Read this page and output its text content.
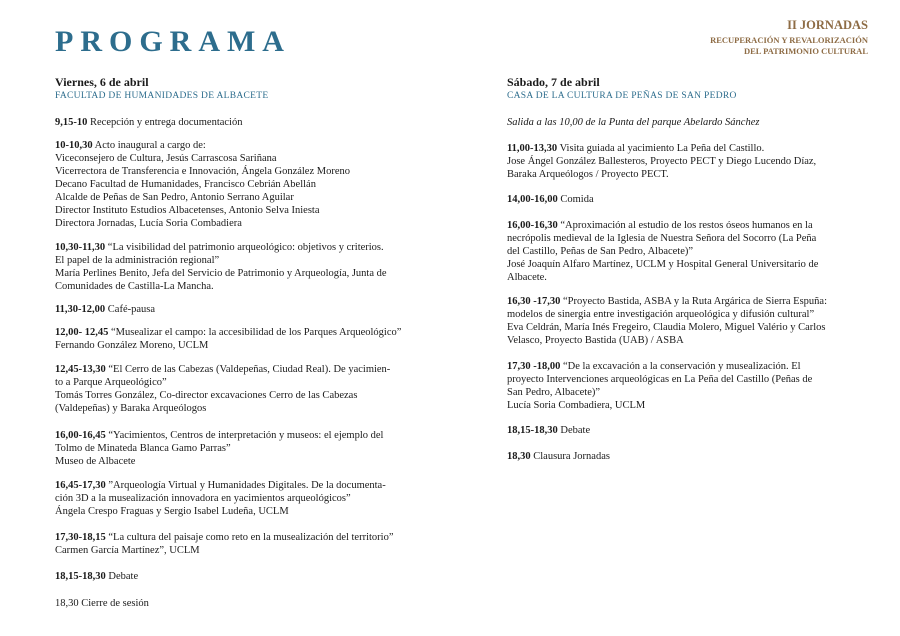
PROGRAMA	II JORNADAS
RECUPERACIÓN Y REVALORIZACIÓN
DEL PATRIMONIO CULTURAL
Viernes, 6 de abril
FACULTAD DE HUMANIDADES DE ALBACETE
9,15-10 Recepción y entrega documentación
10-10,30 Acto inaugural a cargo de:
Viceconsejero de Cultura, Jesús Carrascosa Sariñana
Vicerrectora de Transferencia e Innovación, Ángela González Moreno
Decano Facultad de Humanidades, Francisco Cebrián Abellán
Alcalde de Peñas de San Pedro, Antonio Serrano Aguilar
Director Instituto Estudios Albacetenses, Antonio Selva Iniesta
Directora Jornadas, Lucía Soria Combadiera
10,30-11,30 “La visibilidad del patrimonio arqueológico: objetivos y criterios.
El papel de la administración regional”
María Perlines Benito, Jefa del Servicio de Patrimonio y Arqueología, Junta de
Comunidades de Castilla-La Mancha.
11,30-12,00 Café-pausa
12,00- 12,45 “Musealizar el campo: la accesibilidad de los Parques Arqueológico”
Fernando González Moreno, UCLM
12,45-13,30 “El Cerro de las Cabezas (Valdepeñas, Ciudad Real). De yacimien-
to a Parque Arqueológico”
Tomás Torres González, Co-director excavaciones Cerro de las Cabezas
(Valdepeñas) y Baraka Arqueólogos
16,00-16,45 “Yacimientos, Centros de interpretación y museos: el ejemplo del
Tolmo de Minateda Blanca Gamo Parras”
Museo de Albacete
16,45-17,30 ”Arqueología Virtual y Humanidades Digitales. De la documenta-
ción 3D a la musealización innovadora en yacimientos arqueológicos”
Ángela Crespo Fraguas y Sergio Isabel Ludeña, UCLM
17,30-18,15 “La cultura del paisaje como reto en la musealización del territorio”
Carmen García Martínez”, UCLM
18,15-18,30 Debate
18,30 Cierre de sesión
Sábado, 7 de abril
CASA DE LA CULTURA DE PEÑAS DE SAN PEDRO
Salida a las 10,00 de la Punta del parque Abelardo Sánchez
11,00-13,30 Visita guiada al yacimiento La Peña del Castillo.
Jose Ángel González Ballesteros, Proyecto PECT y Diego Lucendo Díaz,
Baraka Arqueólogos / Proyecto PECT.
14,00-16,00 Comida
16,00-16,30 “Aproximación al estudio de los restos óseos humanos en la
necrópolis medieval de la Iglesia de Nuestra Señora del Socorro (La Peña
del Castillo, Peñas de San Pedro, Albacete)”
José Joaquín Alfaro Martínez, UCLM y Hospital General Universitario de
Albacete.
16,30 -17,30 “Proyecto Bastida, ASBA y la Ruta Argárica de Sierra Espuña:
modelos de sinergia entre investigación arqueológica y difusión cultural”
Eva Celdrán, María Inés Fregeiro, Claudia Molero, Miguel Valério y Carlos
Velasco, Proyecto Bastida (UAB) / ASBA
17,30 -18,00 “De la excavación a la conservación y musealización. El
proyecto Intervenciones arqueológicas en La Peña del Castillo (Peñas de
San Pedro, Albacete)”
Lucía Soria Combadiera, UCLM
18,15-18,30 Debate
18,30 Clausura Jornadas
